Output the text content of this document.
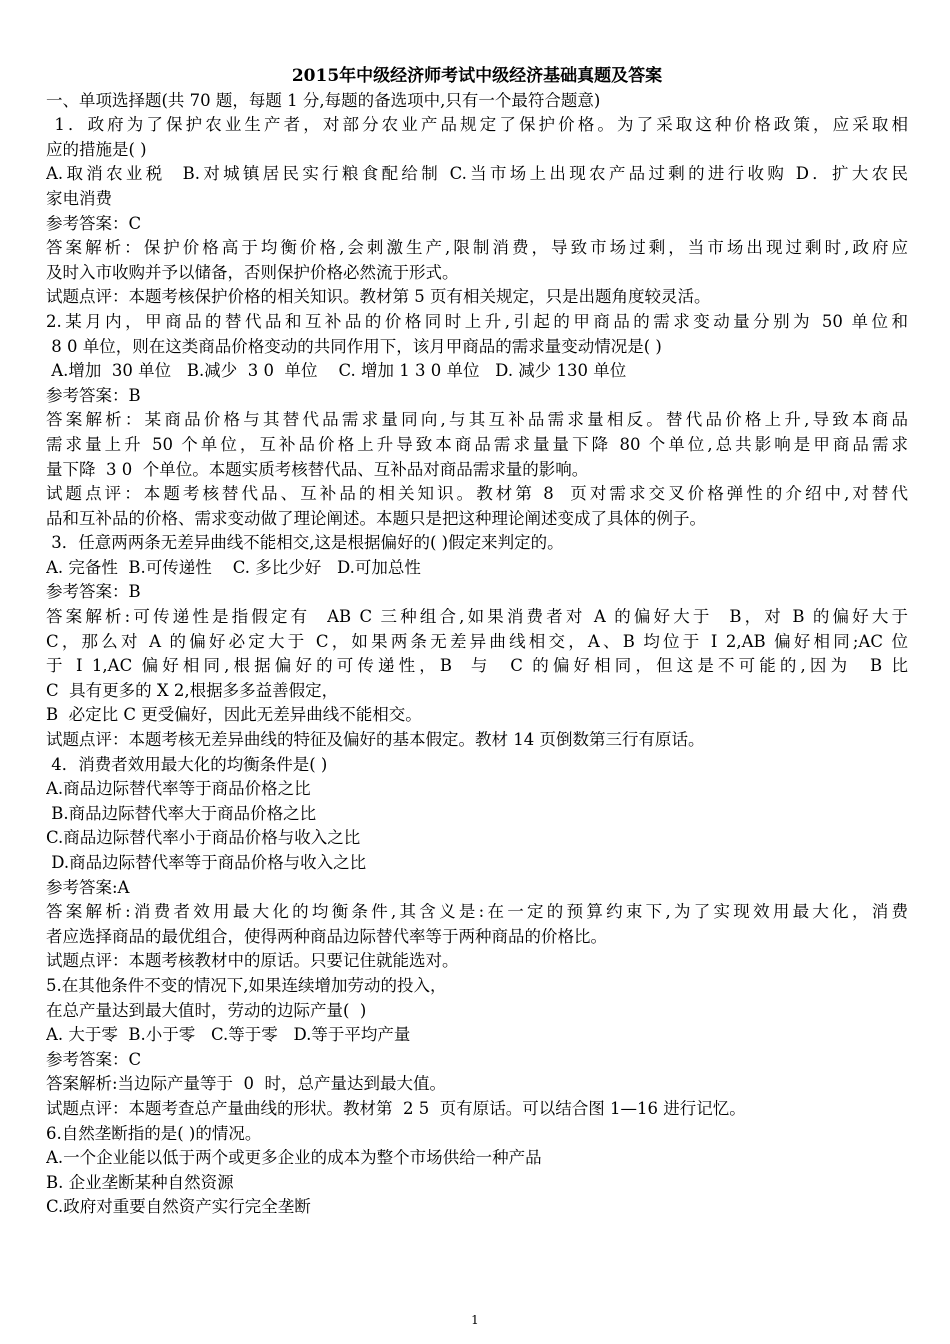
2015年中级经济师考试中级经济基础真题及答案
一、单项选择题(共 70 题，每题 1 分,每题的备选项中,只有一个最符合题意)
1．政府为了保护农业生产者，对部分农业产品规定了保护价格。为了采取这种价格政策，应采取相
应的措施是( )
A.取消农业税  B.对城镇居民实行粮食配给制 C.当市场上出现农产品过剩的进行收购 D．扩大农民
家电消费
参考答案：C
答案解析：保护价格高于均衡价格,会刺激生产,限制消费，导致市场过剩，当市场出现过剩时,政府应
及时入市收购并予以储备，否则保护价格必然流于形式。
试题点评：本题考核保护价格的相关知识。教材第 5 页有相关规定，只是出题角度较灵活。
2.某月内，甲商品的替代品和互补品的价格同时上升,引起的甲商品的需求变动量分别为 50 单位和
8 0 单位，则在这类商品价格变动的共同作用下，该月甲商品的需求量变动情况是( )
A.增加  30 单位   B.减少  3 0  单位    C. 增加 1 3 0 单位   D. 减少 130 单位
参考答案：B
答案解析：某商品价格与其替代品需求量同向,与其互补品需求量相反。替代品价格上升,导致本商品
需求量上升 50 个单位，互补品价格上升导致本商品需求量量下降 80 个单位,总共影响是甲商品需求
量下降  3 0  个单位。本题实质考核替代品、互补品对商品需求量的影响。
试题点评：本题考核替代品、互补品的相关知识。教材第 8  页对需求交叉价格弹性的介绍中,对替代
品和互补品的价格、需求变动做了理论阐述。本题只是把这种理论阐述变成了具体的例子。
3．任意两两条无差异曲线不能相交,这是根据偏好的( )假定来判定的。
A. 完备性  B.可传递性    C. 多比少好   D.可加总性
参考答案：B
答案解析:可传递性是指假定有  AB C 三种组合,如果消费者对 A 的偏好大于  B，对 B 的偏好大于
C，那么对 A 的偏好必定大于 C，如果两条无差异曲线相交，A、B 均位于 I 2,AB 偏好相同;AC 位
于 I 1,AC 偏好相同,根据偏好的可传递性，B  与  C 的偏好相同，但这是不可能的,因为  B 比
C  具有更多的 X 2,根据多多益善假定，
B  必定比 C 更受偏好，因此无差异曲线不能相交。
试题点评：本题考核无差异曲线的特征及偏好的基本假定。教材 14 页倒数第三行有原话。
4．消费者效用最大化的均衡条件是( )
A.商品边际替代率等于商品价格之比
B.商品边际替代率大于商品价格之比
C.商品边际替代率小于商品价格与收入之比
D.商品边际替代率等于商品价格与收入之比
参考答案:A
答案解析:消费者效用最大化的均衡条件,其含义是:在一定的预算约束下,为了实现效用最大化，消费
者应选择商品的最优组合，使得两种商品边际替代率等于两种商品的价格比。
试题点评：本题考核教材中的原话。只要记住就能选对。
5.在其他条件不变的情况下,如果连续增加劳动的投入，
在总产量达到最大值时，劳动的边际产量(  )
A. 大于零  B.小于零   C.等于零   D.等于平均产量
参考答案：C
答案解析:当边际产量等于  0  时，总产量达到最大值。
试题点评：本题考查总产量曲线的形状。教材第  2 5  页有原话。可以结合图 1—16 进行记忆。
6.自然垄断指的是( )的情况。
A.一个企业能以低于两个或更多企业的成本为整个市场供给一种产品
B. 企业垄断某种自然资源
C.政府对重要自然资产实行完全垄断
1
